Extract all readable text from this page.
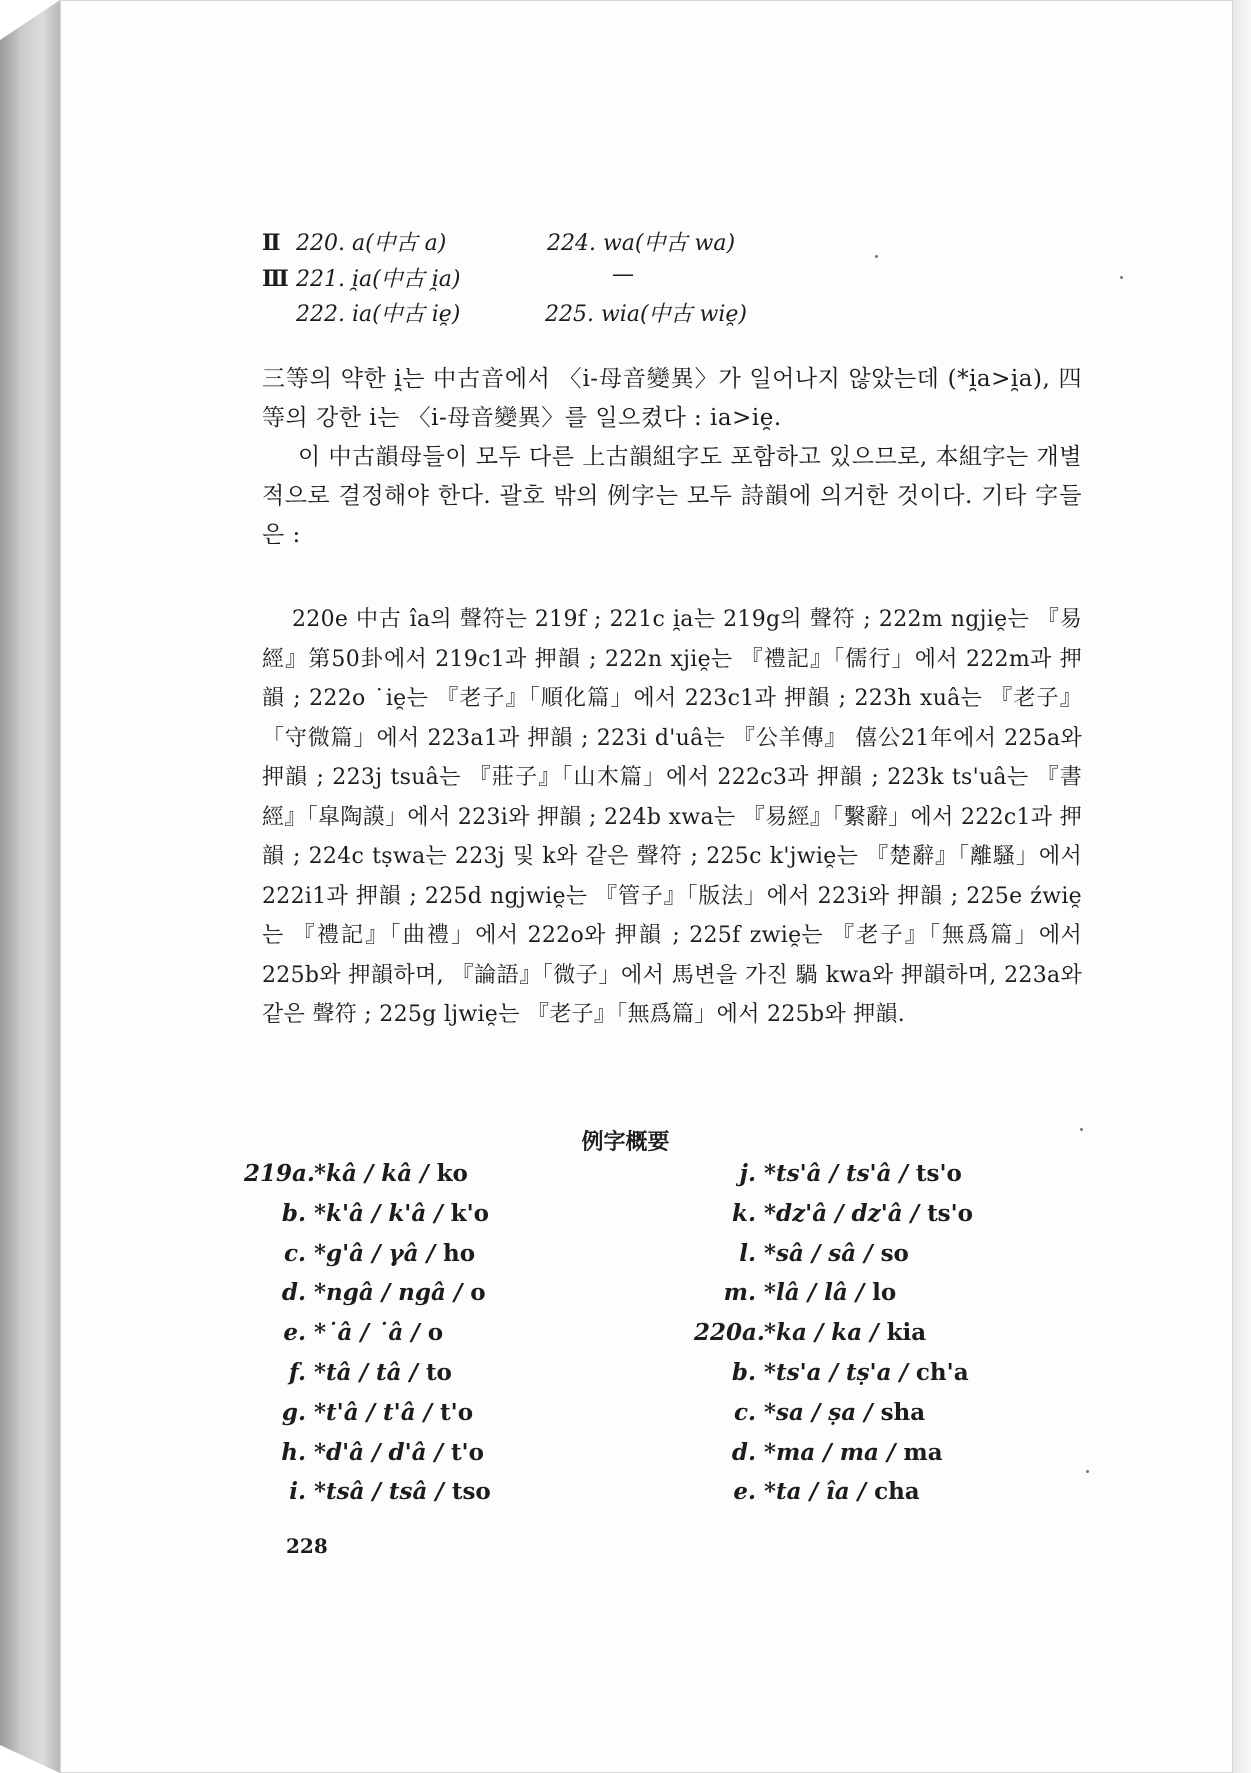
Ⅱ 220. a(中古 a)	224. wa(中古 wa)
Ⅲ 221. i̯a(中古 i̯a)	—
222. ia(中古 ie̯)	225. wia(中古 wie̯)

三等의 약한 i̯는 中古音에서 〈i-母音變異〉가 일어나지 않았는데 (*i̯a>i̯a), 四等의 강한 i는 〈i-母音變異〉를 일으켰다 : ia>ie̯.

이 中古韻母들이 모두 다른 上古韻組字도 포함하고 있으므로, 本組字는 개별적으로 결정해야 한다. 괄호 밖의 例字는 모두 詩韻에 의거한 것이다. 기타 字들은 :

220e 中古 îa의 聲符는 219f ; 221c i̯a는 219g의 聲符 ; 222m ngjie̯는 『易經』第50卦에서 219c1과 押韻 ; 222n xjie̯는 『禮記』「儒行」에서 222m과 押韻 ; 222o ˙ie̯는 『老子』「順化篇」에서 223c1과 押韻 ; 223h xuâ는 『老子』「守微篇」에서 223a1과 押韻 ; 223i d'uâ는 『公羊傳』 僖公21年에서 225a와 押韻 ; 223j tsuâ는 『莊子』「山木篇」에서 222c3과 押韻 ; 223k ts'uâ는 『書經』「皐陶謨」에서 223i와 押韻 ; 224b xwa는 『易經』「繫辭」에서 222c1과 押韻 ; 224c tṣwa는 223j 및 k와 같은 聲符 ; 225c k'jwie̯는 『楚辭』「離騷」에서 222i1과 押韻 ; 225d ngjwie̯는 『管子』「版法」에서 223i와 押韻 ; 225e źwie̯는 『禮記』「曲禮」에서 222o와 押韻 ; 225f zwie̯는 『老子』「無爲篇」에서 225b와 押韻하며, 『論語』「微子」에서 馬변을 가진 騧 kwa와 押韻하며, 223a와 같은 聲符 ; 225g ljwie̯는 『老子』「無爲篇」에서 225b와 押韻.

例字概要
219a. *kâ / kâ / ko
b. *k'â / k'â / k'o
c. *g'â / γâ / ho
d. *ngâ / ngâ / o
e. *˙â / ˙â / o
f. *tâ / tâ / to
g. *t'â / t'â / t'o
h. *d'â / d'â / t'o
i. *tsâ / tsâ / tso
j. *ts'â / ts'â / ts'o
k. *dz'â / dz'â / ts'o
l. *sâ / sâ / so
m. *lâ / lâ / lo
220a. *ka / ka / kia
b. *ts'a / tṣ'a / ch'a
c. *sa / ṣa / sha
d. *ma / ma / ma
e. *ta / îa / cha
228
